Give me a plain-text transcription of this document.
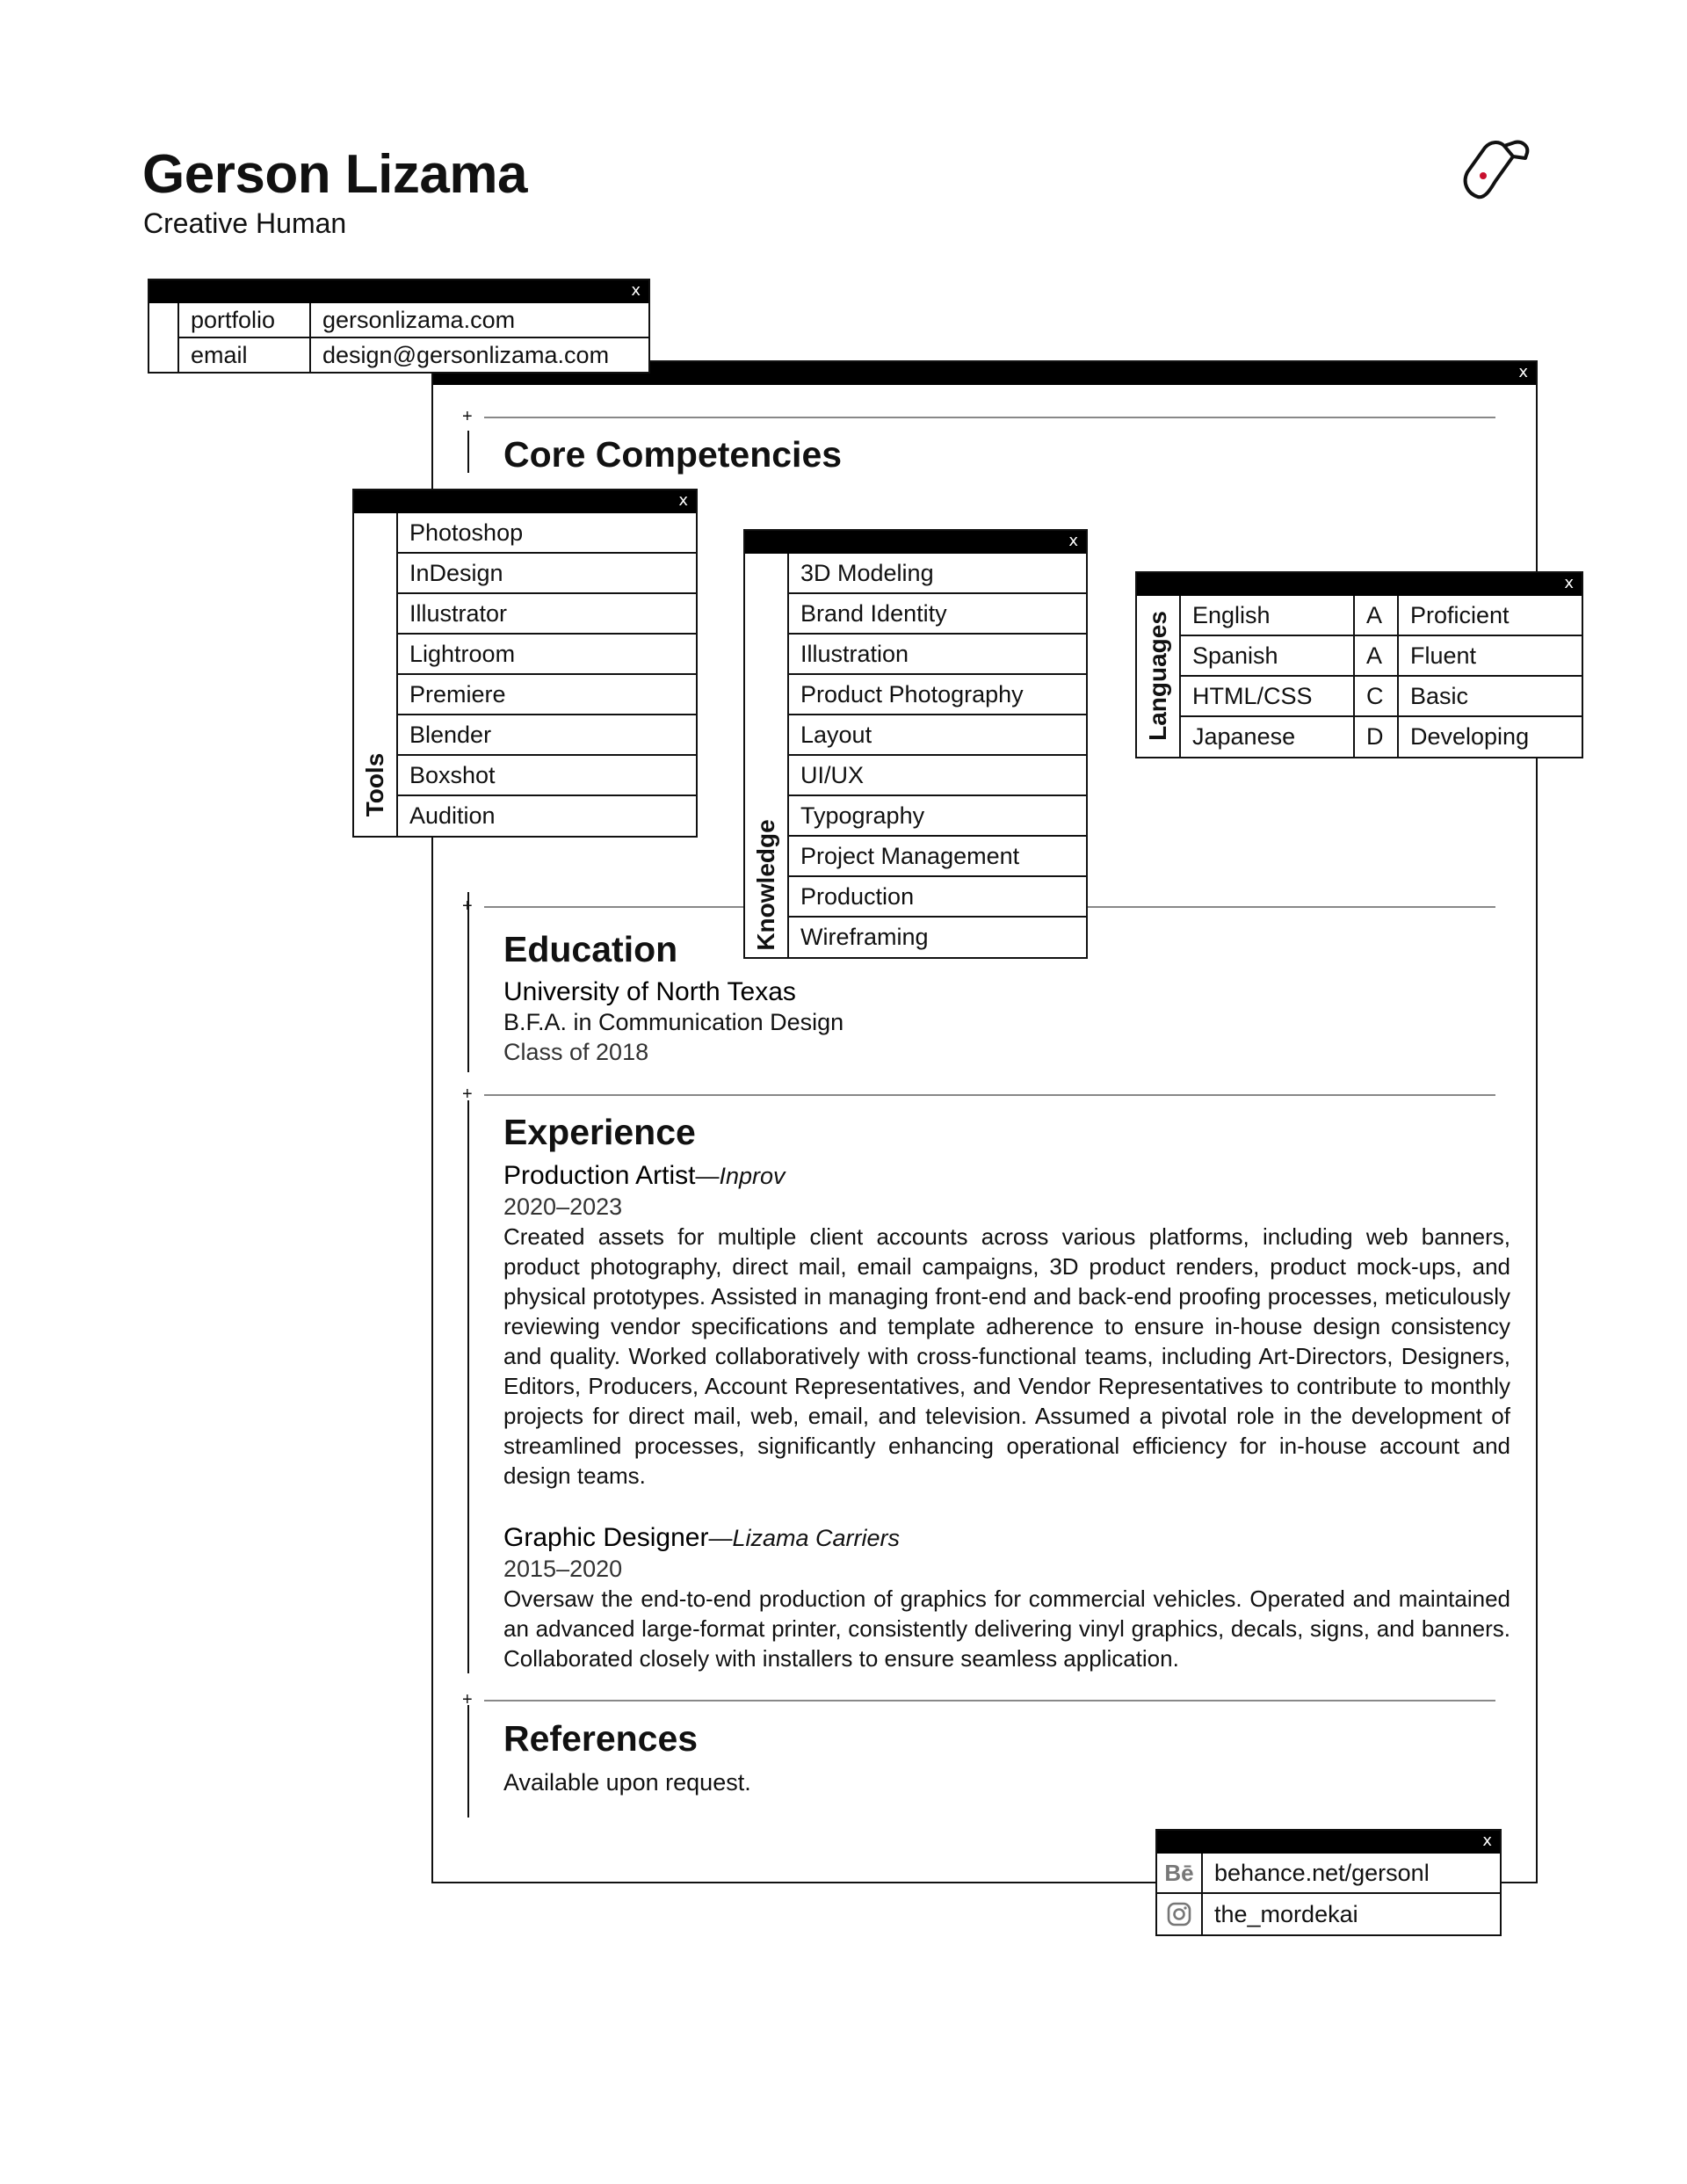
Gerson Lizama
Creative Human
x
+
+
+
+
Core Competencies
Education
Experience
References
University of North Texas
B.F.A. in Communication Design
Class of 2018
Production Artist—Inprov
2020–2023
Created assets for multiple client accounts across various platforms, including web banners, product photography, direct mail, email campaigns, 3D product renders, product mock-ups, and physical prototypes. Assisted in managing front-end and back-end proofing processes, meticulously reviewing vendor specifications and template adherence to ensure in-house design consistency and quality. Worked collaboratively with cross-functional teams, including Art-Directors, Designers, Editors, Producers, Account Representatives, and Vendor Representatives to contribute to monthly projects for direct mail, web, email, and television. Assumed a pivotal role in the development of streamlined processes, significantly enhancing operational efficiency for in-house account and design teams.
Graphic Designer—Lizama Carriers
2015–2020
Oversaw the end-to-end production of graphics for commercial vehicles. Operated and maintained an advanced large-format printer, consistently delivering vinyl graphics, decals, signs, and banners. Collaborated closely with installers to ensure seamless application.
Available upon request.
x
portfolio	gersonlizama.com
email	design@gersonlizama.com
x
Tools
Photoshop
InDesign
Illustrator
Lightroom
Premiere
Blender
Boxshot
Audition
x
Knowledge
3D Modeling
Brand Identity
Illustration
Product Photography
Layout
UI/UX
Typography
Project Management
Production
Wireframing
x
Languages English	A	Proficient
Spanish	A	Fluent
HTML/CSS	C	Basic
Japanese	D	Developing
x
Bē behance.net/gersonl
the_mordekai
